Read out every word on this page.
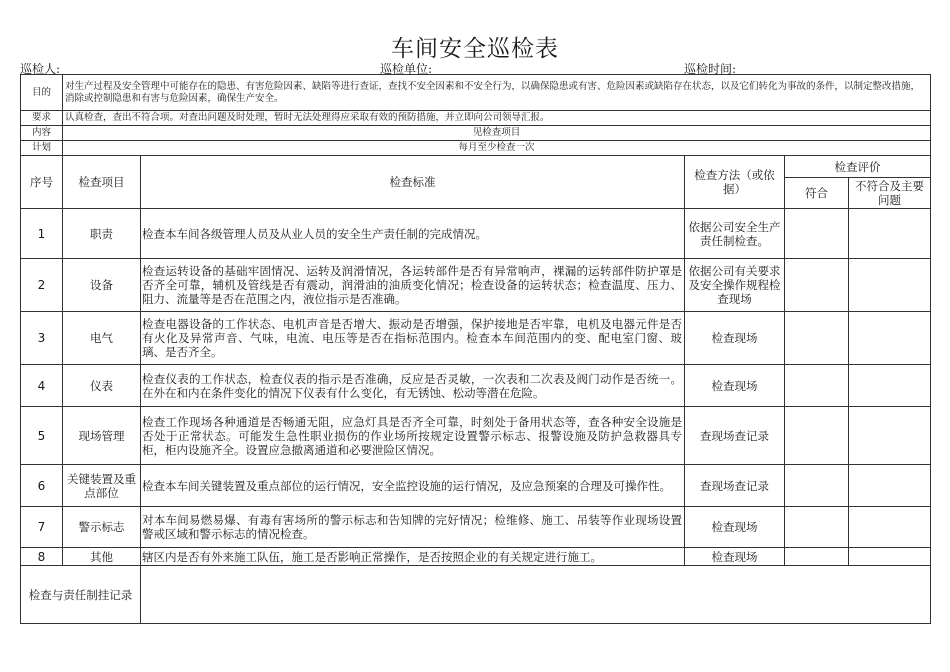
车间安全巡检表
巡检人:	巡检单位:	巡检时间:
目的	对生产过程及安全管理中可能存在的隐患、有害危险因素、缺陷等进行查证，查找不安全因素和不安全行为，以确保隐患或有害、危险因素或缺陷存在状态，以及它们转化为事故的条件，以制定整改措施，消除或控制隐患和有害与危险因素，确保生产安全。				
要求	认真检查，查出不符合项。对查出问题及时处理，暂时无法处理得应采取有效的预防措施，并立即向公司领导汇报。				
内容	见检查项目				
计划	每月至少检查一次				
序号	检查项目	检查标准	检查方法（或依据）	检查评价	
				符合	不符合及主要问题
1	职责	检查本车间各级管理人员及从业人员的安全生产责任制的完成情况。	依据公司安全生产责任制检查。		
2	设备	检查运转设备的基础牢固情况、运转及润滑情况，各运转部件是否有异常响声，裸漏的运转部件防护罩是否齐全可靠，辅机及管线是否有震动，润滑油的油质变化情况；检查设备的运转状态；检查温度、压力、阻力、流量等是否在范围之内，液位指示是否准确。	依据公司有关要求及安全操作规程检查现场		
3	电气	检查电器设备的工作状态、电机声音是否增大、振动是否增强，保护接地是否牢靠，电机及电器元件是否有火化及异常声音、气味，电流、电压等是否在指标范围内。检查本车间范围内的变、配电室门窗、玻璃、是否齐全。	检查现场		
4	仪表	检查仪表的工作状态，检查仪表的指示是否准确，反应是否灵敏，一次表和二次表及阀门动作是否统一。在外在和内在条件变化的情况下仪表有什么变化，有无锈蚀、松动等潜在危险。	检查现场		
5	现场管理	检查工作现场各种通道是否畅通无阻，应急灯具是否齐全可靠，时刻处于备用状态等，查各种安全设施是否处于正常状态。可能发生急性职业损伤的作业场所按规定设置警示标志、报警设施及防护急救器具专柜，柜内设施齐全。设置应急撤离通道和必要泄险区情况。	查现场查记录		
6	关键装置及重点部位	检查本车间关键装置及重点部位的运行情况，安全监控设施的运行情况，及应急预案的合理及可操作性。	查现场查记录		
7	警示标志	对本车间易燃易爆、有毒有害场所的警示标志和告知牌的完好情况；检维修、施工、吊装等作业现场设置警戒区域和警示标志的情况检查。	检查现场		
8	其他	辖区内是否有外来施工队伍，施工是否影响正常操作，是否按照企业的有关规定进行施工。	检查现场		
检查与责任制挂记录					
